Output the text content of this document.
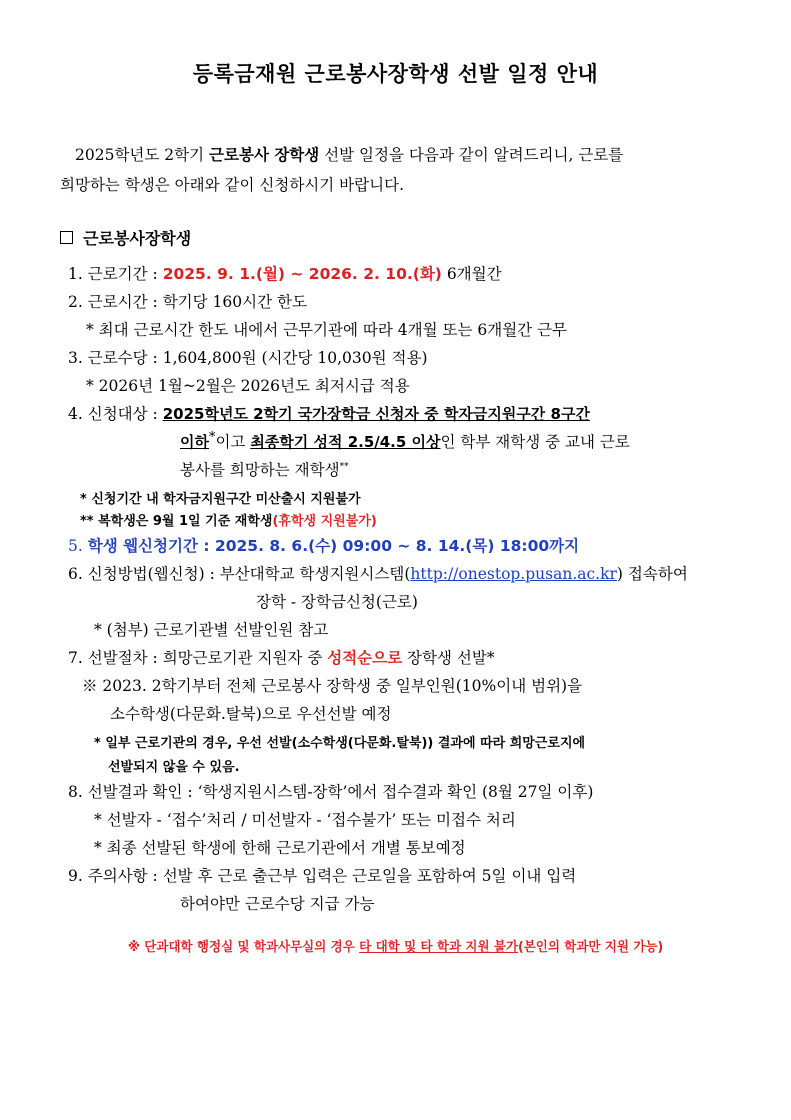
등록금재원 근로봉사장학생 선발 일정 안내
2025학년도 2학기 근로봉사 장학생 선발 일정을 다음과 같이 알려드리니, 근로를
희망하는 학생은 아래와 같이 신청하시기 바랍니다.
근로봉사장학생
1. 근로기간 : 2025. 9. 1.(월) ~ 2026. 2. 10.(화) 6개월간
2. 근로시간 : 학기당 160시간 한도
* 최대 근로시간 한도 내에서 근무기관에 따라 4개월 또는 6개월간 근무
3. 근로수당 : 1,604,800원 (시간당 10,030원 적용)
* 2026년 1월~2월은 2026년도 최저시급 적용
4. 신청대상 : 2025학년도 2학기 국가장학금 신청자 중 학자금지원구간 8구간
이하*이고 최종학기 성적 2.5/4.5 이상인 학부 재학생 중 교내 근로
봉사를 희망하는 재학생**
* 신청기간 내 학자금지원구간 미산출시 지원불가
** 복학생은 9월 1일 기준 재학생(휴학생 지원불가)
5. 학생 웹신청기간 : 2025. 8. 6.(수) 09:00 ~ 8. 14.(목) 18:00까지
6. 신청방법(웹신청) : 부산대학교 학생지원시스템(http://onestop.pusan.ac.kr) 접속하여
장학 - 장학금신청(근로)
* (첨부) 근로기관별 선발인원 참고
7. 선발절차 : 희망근로기관 지원자 중 성적순으로 장학생 선발*
※ 2023. 2학기부터 전체 근로봉사 장학생 중 일부인원(10%이내 범위)을
소수학생(다문화.탈북)으로 우선선발 예정
* 일부 근로기관의 경우, 우선 선발(소수학생(다문화.탈북)) 결과에 따라 희망근로지에
선발되지 않을 수 있음.
8. 선발결과 확인 : ‘학생지원시스템-장학’에서 접수결과 확인 (8월 27일 이후)
* 선발자 - ‘접수’처리 / 미선발자 - ‘접수불가’ 또는 미접수 처리
* 최종 선발된 학생에 한해 근로기관에서 개별 통보예정
9. 주의사항 : 선발 후 근로 출근부 입력은 근로일을 포함하여 5일 이내 입력
하여야만 근로수당 지급 가능
※ 단과대학 행정실 및 학과사무실의 경우 타 대학 및 타 학과 지원 불가(본인의 학과만 지원 가능)
